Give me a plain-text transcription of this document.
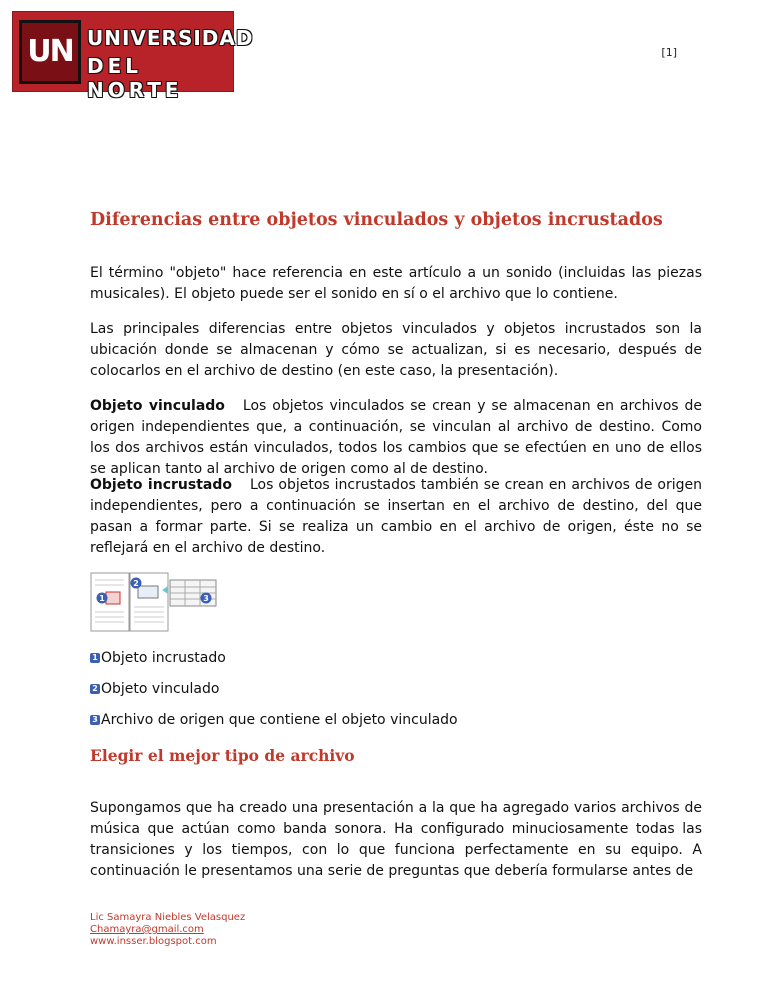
UN UNIVERSIDAD
DEL NORTE
[1]
Diferencias entre objetos vinculados y objetos incrustados

El término "objeto" hace referencia en este artículo a un sonido (incluidas las piezas musicales). El objeto puede ser el sonido en sí o el archivo que lo contiene.

Las principales diferencias entre objetos vinculados y objetos incrustados son la ubicación donde se almacenan y cómo se actualizan, si es necesario, después de colocarlos en el archivo de destino (en este caso, la presentación).

Objeto vinculado Los objetos vinculados se crean y se almacenan en archivos de origen independientes que, a continuación, se vinculan al archivo de destino. Como los dos archivos están vinculados, todos los cambios que se efectúen en uno de ellos se aplican tanto al archivo de origen como al de destino.

Objeto incrustado Los objetos incrustados también se crean en archivos de origen independientes, pero a continuación se insertan en el archivo de destino, del que pasan a formar parte. Si se realiza un cambio en el archivo de origen, éste no se reflejará en el archivo de destino.

1
2
3
1 Objeto incrustado
2 Objeto vinculado
3 Archivo de origen que contiene el objeto vinculado
Elegir el mejor tipo de archivo

Supongamos que ha creado una presentación a la que ha agregado varios archivos de música que actúan como banda sonora. Ha configurado minuciosamente todas las transiciones y los tiempos, con lo que funciona perfectamente en su equipo. A continuación le presentamos una serie de preguntas que debería formularse antes de

Lic Samayra Niebles Velasquez
Chamayra@gmail.com
www.insser.blogspot.com
